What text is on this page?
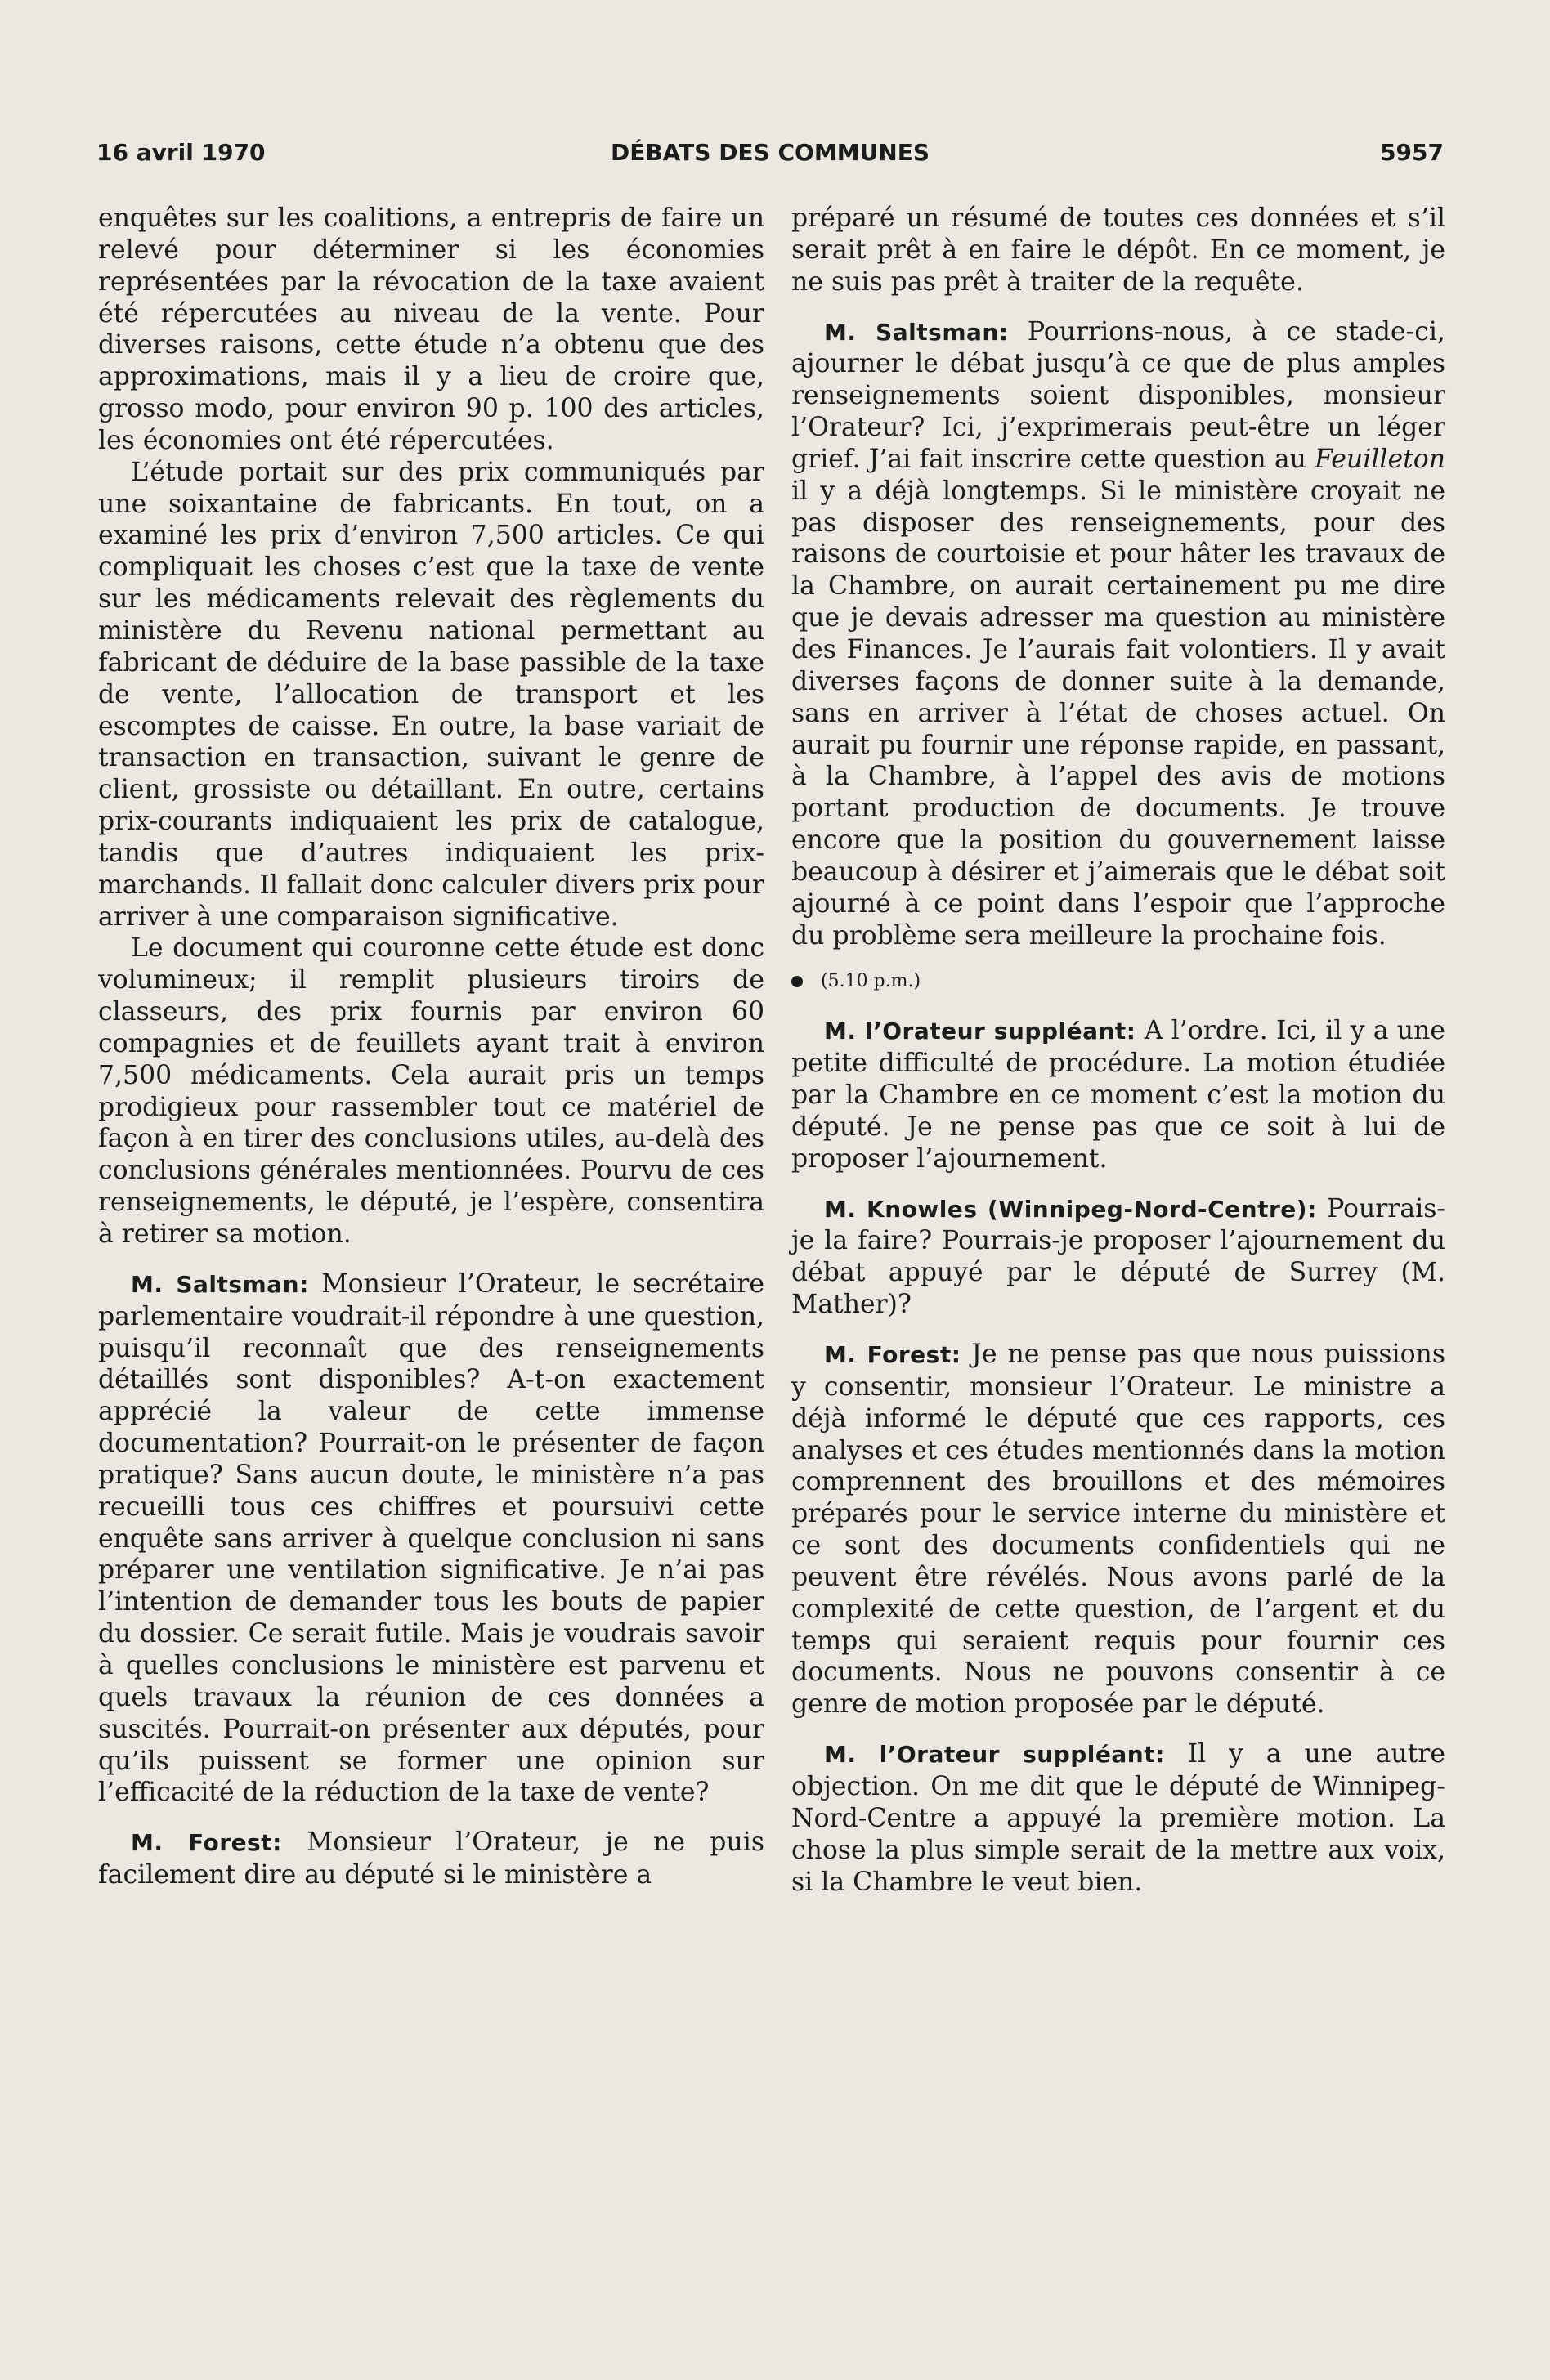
16 avril 1970	DÉBATS DES COMMUNES	5957

enquêtes sur les coalitions, a entrepris de faire un relevé pour déterminer si les économies représentées par la révocation de la taxe avaient été répercutées au niveau de la vente. Pour diverses raisons, cette étude n’a obtenu que des approximations, mais il y a lieu de croire que, grosso modo, pour environ 90 p. 100 des articles, les économies ont été répercutées.

L’étude portait sur des prix communiqués par une soixantaine de fabricants. En tout, on a examiné les prix d’environ 7,500 articles. Ce qui compliquait les choses c’est que la taxe de vente sur les médicaments relevait des règlements du ministère du Revenu national permettant au fabricant de déduire de la base passible de la taxe de vente, l’allocation de transport et les escomptes de caisse. En outre, la base variait de transaction en transaction, suivant le genre de client, grossiste ou détaillant. En outre, certains prix-courants indiquaient les prix de catalogue, tandis que d’autres indiquaient les prix-marchands. Il fallait donc calculer divers prix pour arriver à une comparaison significative.

Le document qui couronne cette étude est donc volumineux; il remplit plusieurs tiroirs de classeurs, des prix fournis par environ 60 compagnies et de feuillets ayant trait à environ 7,500 médicaments. Cela aurait pris un temps prodigieux pour rassembler tout ce matériel de façon à en tirer des conclusions utiles, au-delà des conclusions générales mentionnées. Pourvu de ces renseignements, le député, je l’espère, consentira à retirer sa motion.

M. Saltsman: Monsieur l’Orateur, le secrétaire parlementaire voudrait-il répondre à une question, puisqu’il reconnaît que des renseignements détaillés sont disponibles? A-t-on exactement apprécié la valeur de cette immense documentation? Pourrait-on le présenter de façon pratique? Sans aucun doute, le ministère n’a pas recueilli tous ces chiffres et poursuivi cette enquête sans arriver à quelque conclusion ni sans préparer une ventilation significative. Je n’ai pas l’intention de demander tous les bouts de papier du dossier. Ce serait futile. Mais je voudrais savoir à quelles conclusions le ministère est parvenu et quels travaux la réunion de ces données a suscités. Pourrait-on présenter aux députés, pour qu’ils puissent se former une opinion sur l’efficacité de la réduction de la taxe de vente?

M. Forest: Monsieur l’Orateur, je ne puis facilement dire au député si le ministère a

préparé un résumé de toutes ces données et s’il serait prêt à en faire le dépôt. En ce moment, je ne suis pas prêt à traiter de la requête.

M. Saltsman: Pourrions-nous, à ce stade-ci, ajourner le débat jusqu’à ce que de plus amples renseignements soient disponibles, monsieur l’Orateur? Ici, j’exprimerais peut-être un léger grief. J’ai fait inscrire cette question au Feuilleton il y a déjà longtemps. Si le ministère croyait ne pas disposer des renseignements, pour des raisons de courtoisie et pour hâter les travaux de la Chambre, on aurait certainement pu me dire que je devais adresser ma question au ministère des Finances. Je l’aurais fait volontiers. Il y avait diverses façons de donner suite à la demande, sans en arriver à l’état de choses actuel. On aurait pu fournir une réponse rapide, en passant, à la Chambre, à l’appel des avis de motions portant production de documents. Je trouve encore que la position du gouvernement laisse beaucoup à désirer et j’aimerais que le débat soit ajourné à ce point dans l’espoir que l’approche du problème sera meilleure la prochaine fois.

(5.10 p.m.)

M. l’Orateur suppléant: A l’ordre. Ici, il y a une petite difficulté de procédure. La motion étudiée par la Chambre en ce moment c’est la motion du député. Je ne pense pas que ce soit à lui de proposer l’ajournement.

M. Knowles (Winnipeg-Nord-Centre): Pourrais-je la faire? Pourrais-je proposer l’ajournement du débat appuyé par le député de Surrey (M. Mather)?

M. Forest: Je ne pense pas que nous puissions y consentir, monsieur l’Orateur. Le ministre a déjà informé le député que ces rapports, ces analyses et ces études mentionnés dans la motion comprennent des brouillons et des mémoires préparés pour le service interne du ministère et ce sont des documents confidentiels qui ne peuvent être révélés. Nous avons parlé de la complexité de cette question, de l’argent et du temps qui seraient requis pour fournir ces documents. Nous ne pouvons consentir à ce genre de motion proposée par le député.

M. l’Orateur suppléant: Il y a une autre objection. On me dit que le député de Winnipeg-Nord-Centre a appuyé la première motion. La chose la plus simple serait de la mettre aux voix, si la Chambre le veut bien.
